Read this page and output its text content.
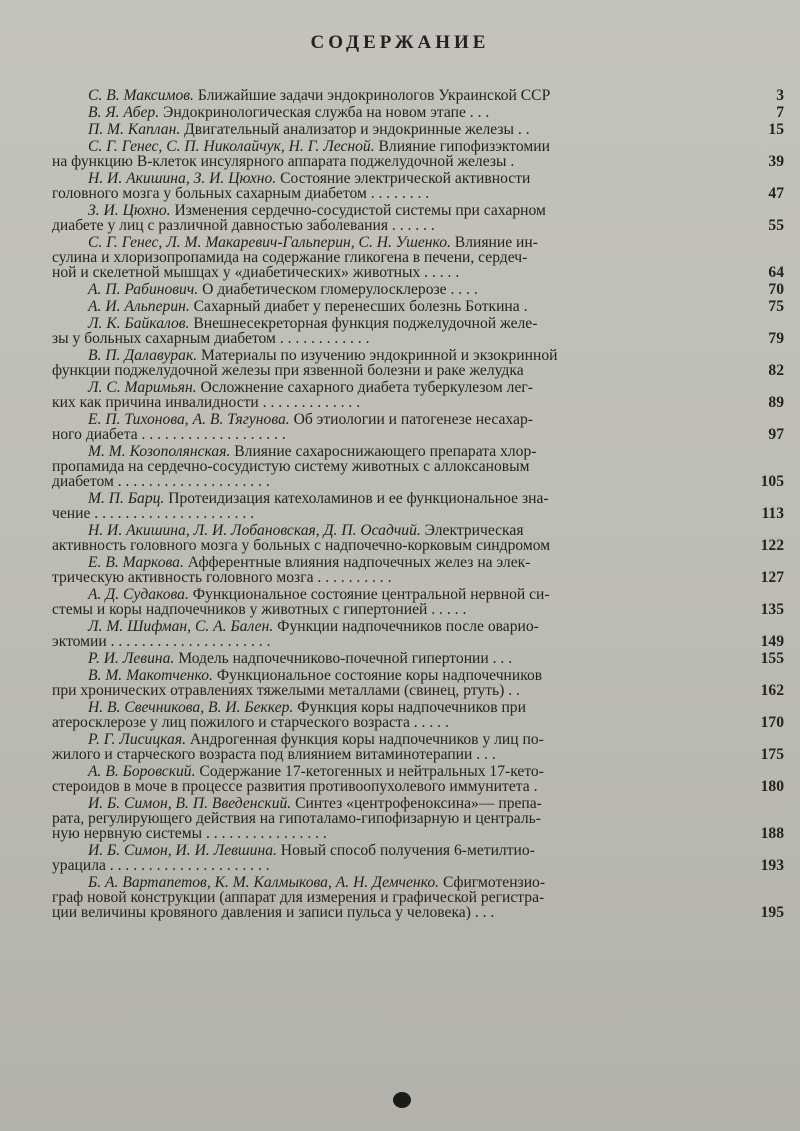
СОДЕРЖАНИЕ
С. В. Максимов. Ближайшие задачи эндокринологов Украинской ССР	3
В. Я. Абер. Эндокринологическая служба на новом этапе . . .	7
П. М. Каплан. Двигательный анализатор и эндокринные железы . .	15
С. Г. Генес, С. П. Николайчук, Н. Г. Лесной. Влияние гипофизэктомии
на функцию В-клеток инсулярного аппарата поджелудочной железы .	39
Н. И. Акишина, З. И. Цюхно. Состояние электрической активности
головного мозга у больных сахарным диабетом . . . . . . . .	47
З. И. Цюхно. Изменения сердечно-сосудистой системы при сахарном
диабете у лиц с различной давностью заболевания . . . . . .	55
С. Г. Генес, Л. М. Макаревич-Гальперин, С. Н. Ушенко. Влияние ин-
сулина и хлоризопропамида на содержание гликогена в печени, сердеч-
ной и скелетной мышцах у «диабетических» животных . . . . .	64
А. П. Рабинович. О диабетическом гломерулосклерозе . . . .	70
А. И. Альперин. Сахарный диабет у перенесших болезнь Боткина .	75
Л. К. Байкалов. Внешнесекреторная функция поджелудочной желе-
зы у больных сахарным диабетом . . . . . . . . . . . .	79
В. П. Далавурак. Материалы по изучению эндокринной и экзокринной
функции поджелудочной железы при язвенной болезни и раке желудка	82
Л. С. Маримьян. Осложнение сахарного диабета туберкулезом лег-
ких как причина инвалидности . . . . . . . . . . . . .	89
Е. П. Тихонова, А. В. Тягунова. Об этиологии и патогенезе несахар-
ного диабета . . . . . . . . . . . . . . . . . . .	97
М. М. Козополянская. Влияние сахароснижающего препарата хлор-
пропамида на сердечно-сосудистую систему животных с аллоксановым
диабетом . . . . . . . . . . . . . . . . . . . .	105
М. П. Барц. Протеидизация катехоламинов и ее функциональное зна-
чение . . . . . . . . . . . . . . . . . . . . .	113
Н. И. Акишина, Л. И. Лобановская, Д. П. Осадчий. Электрическая
активность головного мозга у больных с надпочечно-корковым синдромом	122
Е. В. Маркова. Афферентные влияния надпочечных желез на элек-
трическую активность головного мозга . . . . . . . . . .	127
А. Д. Судакова. Функциональное состояние центральной нервной си-
стемы и коры надпочечников у животных с гипертонией . . . . .	135
Л. М. Шифман, С. А. Бален. Функции надпочечников после оварио-
эктомии . . . . . . . . . . . . . . . . . . . . .	149
Р. И. Левина. Модель надпочечниково-почечной гипертонии . . .	155
В. М. Макотченко. Функциональное состояние коры надпочечников
при хронических отравлениях тяжелыми металлами (свинец, ртуть) . .	162
Н. В. Свечникова, В. И. Беккер. Функция коры надпочечников при
атеросклерозе у лиц пожилого и старческого возраста . . . . .	170
Р. Г. Лисицкая. Андрогенная функция коры надпочечников у лиц по-
жилого и старческого возраста под влиянием витаминотерапии . . .	175
А. В. Боровский. Содержание 17-кетогенных и нейтральных 17-кето-
стероидов в моче в процессе развития противоопухолевого иммунитета .	180
И. Б. Симон, В. П. Введенский. Синтез «центрофеноксина»— препа-
рата, регулирующего действия на гипоталамо-гипофизарную и централь-
ную нервную системы . . . . . . . . . . . . . . . .	188
И. Б. Симон, И. И. Левшина. Новый способ получения 6-метилтио-
урацила . . . . . . . . . . . . . . . . . . . . .	193
Б. А. Вартапетов, К. М. Калмыкова, А. Н. Демченко. Сфигмотензио-
граф новой конструкции (аппарат для измерения и графической регистра-
ции величины кровяного давления и записи пульса у человека) . . .	195
